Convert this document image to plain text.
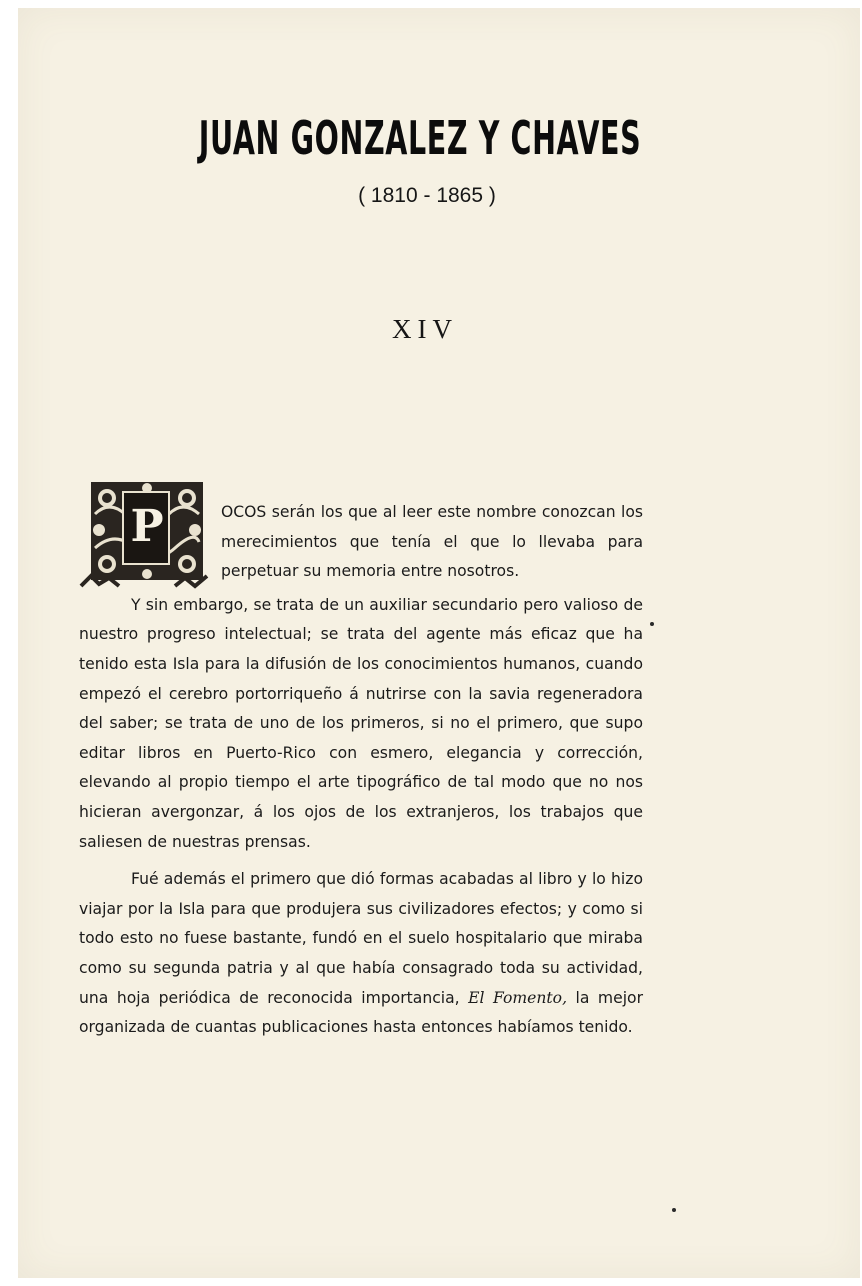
JUAN GONZALEZ Y CHAVES
( 1810 - 1865 )
XIV
P	OCOS serán los que al leer este nombre conozcan los merecimientos que tenía el que lo llevaba para perpetuar su memoria entre nosotros.
Y sin embargo, se trata de un auxiliar secundario pero valioso de nuestro progreso intelectual; se trata del agente más eficaz que ha tenido esta Isla para la difusión de los conocimientos humanos, cuando empezó el cerebro portorriqueño á nutrirse con la savia regeneradora del saber; se trata de uno de los primeros, si no el primero, que supo editar libros en Puerto-Rico con esmero, elegancia y corrección, elevando al propio tiempo el arte tipográfico de tal modo que no nos hicieran avergonzar, á los ojos de los extranjeros, los trabajos que saliesen de nuestras prensas.
Fué además el primero que dió formas acabadas al libro y lo hizo viajar por la Isla para que produjera sus civilizadores efectos; y como si todo esto no fuese bastante, fundó en el suelo hospitalario que miraba como su segunda patria y al que había consagrado toda su actividad, una hoja periódica de reconocida importancia, El Fomento, la mejor organizada de cuantas publicaciones hasta entonces habíamos tenido.
